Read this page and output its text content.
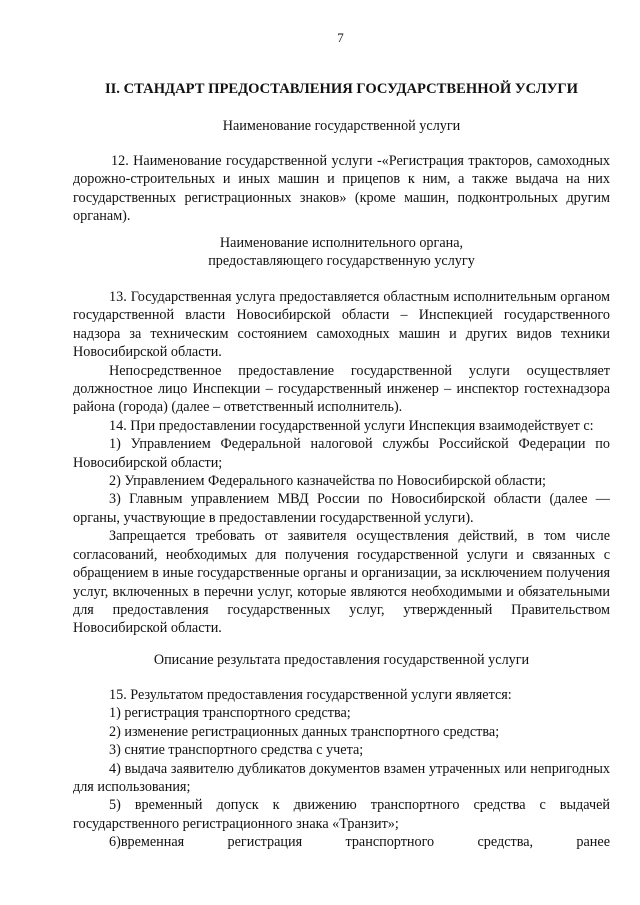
7
II. СТАНДАРТ ПРЕДОСТАВЛЕНИЯ ГОСУДАРСТВЕННОЙ УСЛУГИ
Наименование государственной услуги

12. Наименование государственной услуги -«Регистрация тракторов, самоходных дорожно-строительных и иных машин и прицепов к ним, а также выдача на них государственных регистрационных знаков» (кроме машин, подконтрольных другим органам).

Наименование исполнительного органа,
предоставляющего государственную услугу

13. Государственная услуга предоставляется областным исполнительным органом государственной власти Новосибирской области – Инспекцией государственного надзора за техническим состоянием самоходных машин и других видов техники Новосибирской области.

Непосредственное предоставление государственной услуги осуществляет должностное лицо Инспекции – государственный инженер – инспектор гостехнадзора района (города) (далее – ответственный исполнитель).

14. При предоставлении государственной услуги Инспекция взаимодействует с:

1) Управлением Федеральной налоговой службы Российской Федерации по Новосибирской области;

2) Управлением Федерального казначейства по Новосибирской области;

3) Главным управлением МВД России по Новосибирской области (далее — органы, участвующие в предоставлении государственной услуги).

Запрещается требовать от заявителя осуществления действий, в том числе согласований, необходимых для получения государственной услуги и связанных с обращением в иные государственные органы и организации, за исключением получения услуг, включенных в перечни услуг, которые являются необходимыми и обязательными для предоставления государственных услуг, утвержденный Правительством Новосибирской области.

Описание результата предоставления государственной услуги

15. Результатом предоставления государственной услуги является:

1) регистрация транспортного средства;

2) изменение регистрационных данных транспортного средства;

3) снятие транспортного средства с учета;

4) выдача заявителю дубликатов документов взамен утраченных или непригодных для использования;

5) временный допуск к движению транспортного средства с выдачей государственного регистрационного знака «Транзит»;

6)временная регистрация транспортного средства, ранее
